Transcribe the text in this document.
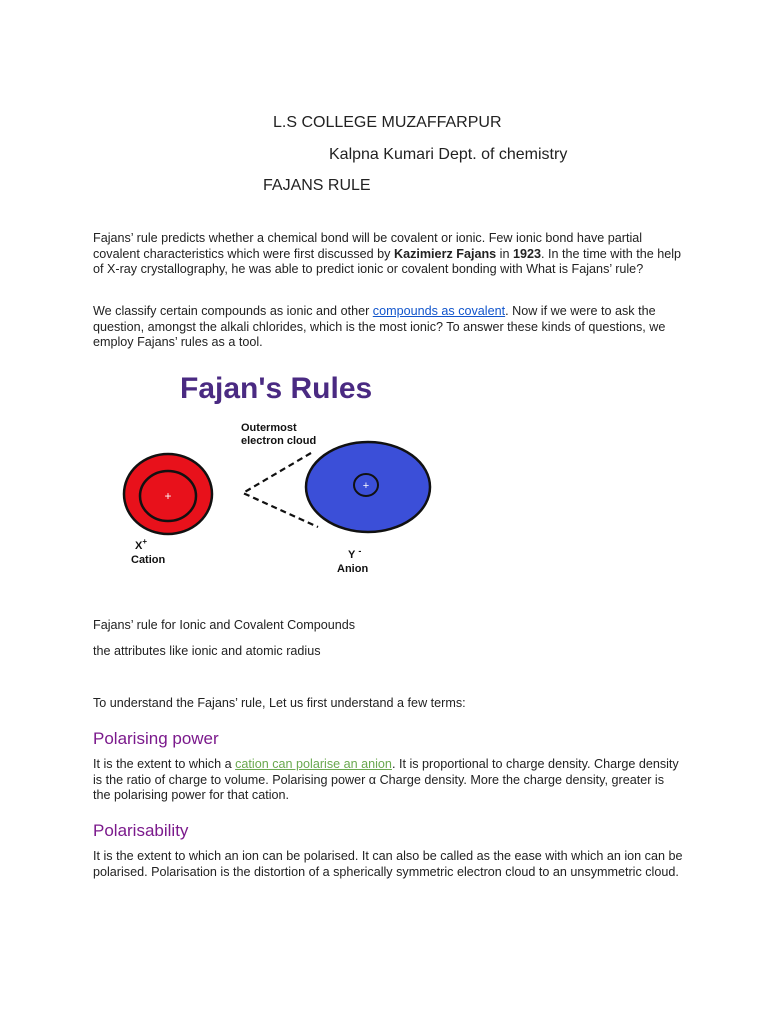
L.S COLLEGE MUZAFFARPUR
Kalpna Kumari Dept. of chemistry
FAJANS RULE

Fajans’ rule predicts whether a chemical bond will be covalent or ionic. Few ionic bond have partial covalent characteristics which were first discussed by Kazimierz Fajans in 1923. In the time with the help of X-ray crystallography, he was able to predict ionic or covalent bonding with What is Fajans’ rule?

We classify certain compounds as ionic and other compounds as covalent. Now if we were to ask the question, amongst the alkali chlorides, which is the most ionic? To answer these kinds of questions, we employ Fajans’ rules as a tool.

Fajan's Rules
Outermost
electron cloud
+
+
X+
Cation	Y -
Anion
Fajans’ rule for Ionic and Covalent Compounds
the attributes like ionic and atomic radius
To understand the Fajans’ rule, Let us first understand a few terms:
Polarising power

It is the extent to which a cation can polarise an anion. It is proportional to charge density. Charge density is the ratio of charge to volume. Polarising power α Charge density. More the charge density, greater is the polarising power for that cation.

Polarisability

It is the extent to which an ion can be polarised. It can also be called as the ease with which an ion can be polarised. Polarisation is the distortion of a spherically symmetric electron cloud to an unsymmetric cloud.
